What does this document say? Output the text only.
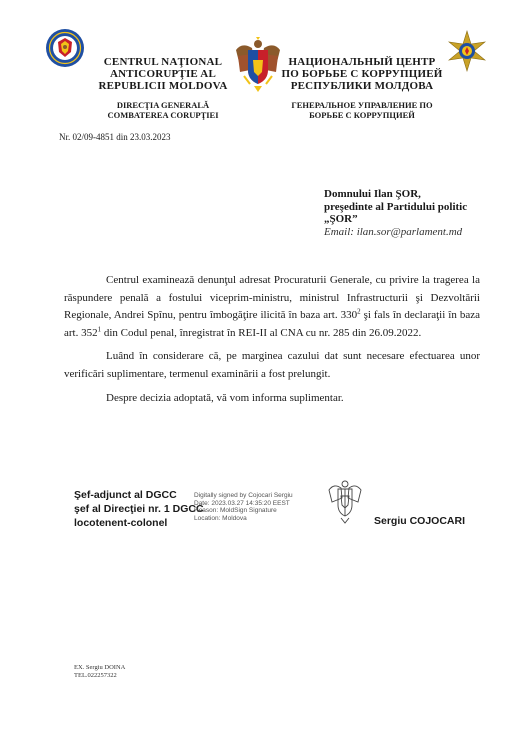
CENTRUL NAŢIONAL
ANTICORUPŢIE AL
REPUBLICII MOLDOVA
DIRECŢIA GENERALĂ
COMBATEREA CORUPŢIEI
НАЦИОНАЛЬНЫЙ ЦЕНТР
ПО БОРЬБЕ С КОРРУПЦИЕЙ
РЕСПУБЛИКИ МОЛДОВА
ГЕНЕРАЛЬНОЕ УПРАВЛЕНИЕ ПО
БОРЬБЕ С КОРРУПЦИЕЙ
Nr. 02/09-4851 din 23.03.2023
Domnului Ilan ŞOR,
preşedinte al Partidului politic
„ŞOR”
Email: ilan.sor@parlament.md

Centrul examinează denunţul adresat Procuraturii Generale, cu privire la tragerea la răspundere penală a fostului viceprim-ministru, ministrul Infrastructurii şi Dezvoltării Regionale, Andrei Spînu, pentru îmbogăţire ilicită în baza art. $330^2$ şi fals în declaraţii în baza art. $352^1$ din Codul penal, înregistrat în REI-II al CNA cu nr. 285 din 26.09.2022.

Luând în considerare că, pe marginea cazului dat sunt necesare efectuarea unor verificări suplimentare, termenul examinării a fost prelungit.

Despre decizia adoptată, vă vom informa suplimentar.

Şef-adjunct al DGCC
şef al Direcţiei nr. 1 DGCC
locotenent-colonel
Digitally signed by Cojocari Sergiu
Date: 2023.03.27 14:35:20 EEST
Reason: MoldSign Signature
Location: Moldova	Sergiu COJOCARI
EX. Sergiu DOINA
TEL.022257322
